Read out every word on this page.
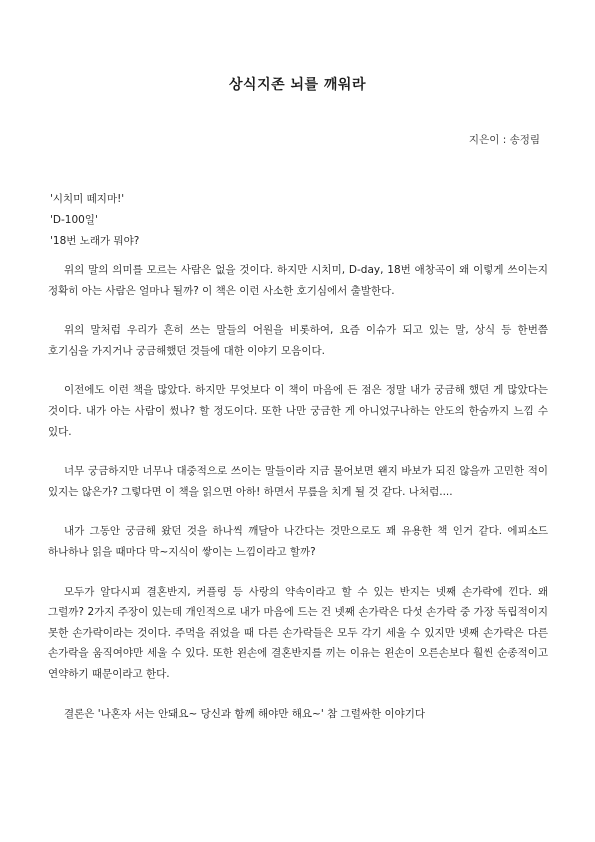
상식지존 뇌를 깨워라
지은이 : 송정림
'시치미 떼지마!'
'D-100일'
'18번 노래가 뭐야?

위의 말의 의미를 모르는 사람은 없을 것이다. 하지만 시치미, D-day, 18번 애창곡이 왜 이렇게 쓰이는지 정확히 아는 사람은 얼마나 될까? 이 책은 이런 사소한 호기심에서 출발한다.

위의 말처럼 우리가 흔히 쓰는 말들의 어원을 비롯하여, 요즘 이슈가 되고 있는 말, 상식 등 한번쯤 호기심을 가지거나 궁금해했던 것들에 대한 이야기 모음이다.

이전에도 이런 책을 많았다. 하지만 무엇보다 이 책이 마음에 든 점은 정말 내가 궁금해 했던 게 많았다는 것이다. 내가 아는 사람이 썼나? 할 정도이다. 또한 나만 궁금한 게 아니었구나하는 안도의 한숨까지 느낌 수 있다.

너무 궁금하지만 너무나 대중적으로 쓰이는 말들이라 지금 물어보면 왠지 바보가 되진 않을까 고민한 적이 있지는 않은가? 그렇다면 이 책을 읽으면 아하! 하면서 무릎을 치게 될 것 같다. 나처럼....

내가 그동안 궁금해 왔던 것을 하나씩 깨달아 나간다는 것만으로도 꽤 유용한 책 인거 같다. 에피소드 하나하나 읽을 때마다 막~지식이 쌓이는 느낌이라고 할까?

모두가 알다시피 결혼반지, 커플링 등 사랑의 약속이라고 할 수 있는 반지는 넷째 손가락에 낀다. 왜 그럴까? 2가지 주장이 있는데 개인적으로 내가 마음에 드는 건 넷째 손가락은 다섯 손가락 중 가장 독립적이지 못한 손가락이라는 것이다. 주먹을 쥐었을 때 다른 손가락들은 모두 각기 세울 수 있지만 넷째 손가락은 다른 손가락을 움직여야만 세울 수 있다. 또한 왼손에 결혼반지를 끼는 이유는 왼손이 오른손보다 훨씬 순종적이고 연약하기 때문이라고 한다.

결론은 '나혼자 서는 안돼요~ 당신과 함께 해야만 해요~' 참 그럴싸한 이야기다
